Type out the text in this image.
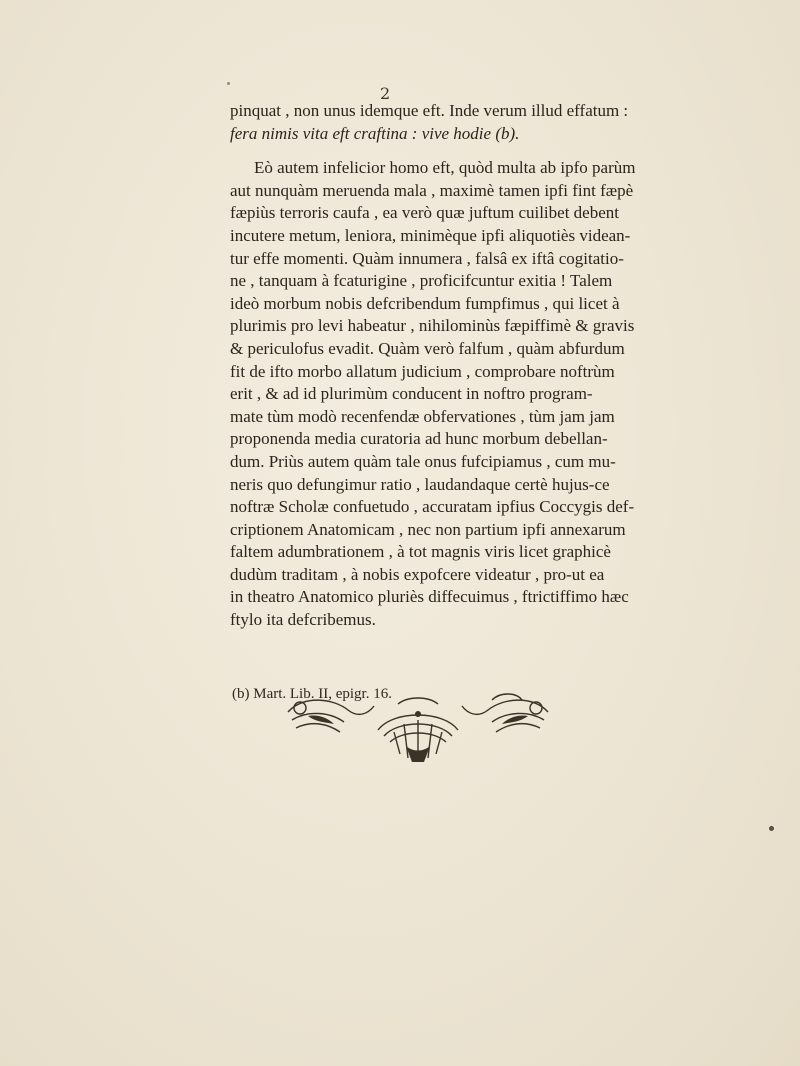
2
pinquat , non unus idemque eft. Inde verum illud effatum :
fera nimis vita eft craftina : vive hodie (b).
Eò autem infelicior homo eft, quòd multa ab ipfo parùm
aut nunquàm meruenda mala , maximè tamen ipfi fint fæpè
fæpiùs terroris caufa , ea verò quæ juftum cuilibet debent
incutere metum, leniora, minimèque ipfi aliquotiès videan-
tur effe momenti. Quàm innumera , falsâ ex iftâ cogitatio-
ne , tanquam à fcaturigine , proficifcuntur exitia ! Talem
ideò morbum nobis defcribendum fumpfimus , qui licet à
plurimis pro levi habeatur , nihilominùs fæpiffimè & gravis
& periculofus evadit. Quàm verò falfum , quàm abfurdum
fit de ifto morbo allatum judicium , comprobare noftrùm
erit , & ad id plurimùm conducent in noftro program-
mate tùm modò recenfendæ obfervationes , tùm jam jam
proponenda media curatoria ad hunc morbum debellan-
dum. Priùs autem quàm tale onus fufcipiamus , cum mu-
neris quo defungimur ratio , laudandaque certè hujus-ce
noftræ Scholæ confuetudo , accuratam ipfius Coccygis def-
criptionem Anatomicam , nec non partium ipfi annexarum
faltem adumbrationem , à tot magnis viris licet graphicè
dudùm traditam , à nobis expofcere videatur , pro-ut ea
in theatro Anatomico pluriès diffecuimus , ftrictiffimo hæc
ftylo ita defcribemus.
(b) Mart. Lib. II, epigr. 16.
